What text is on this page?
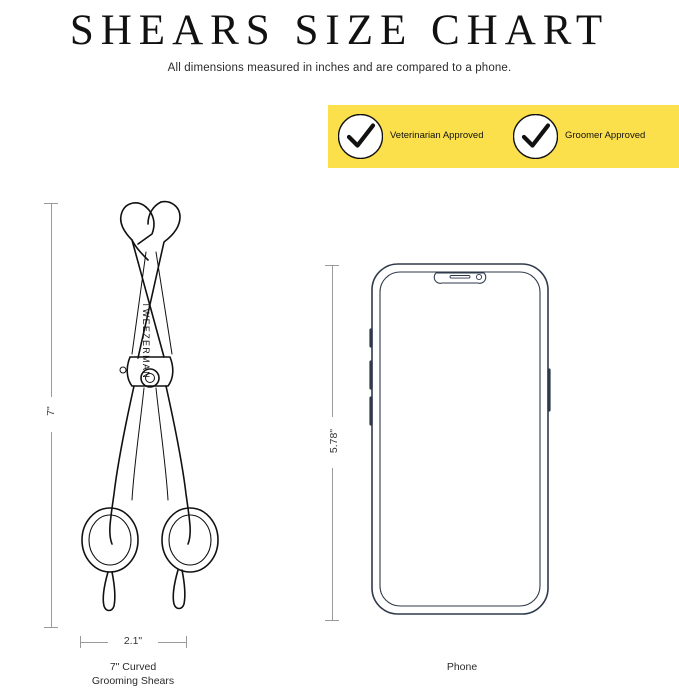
SHEARS SIZE CHART
All dimensions measured in inches and are compared to a phone.
Veterinarian Approved	Groomer Approved
7"
2.1"
TWEEZERMAN
7" Curved
Grooming Shears
5.78"
Phone
